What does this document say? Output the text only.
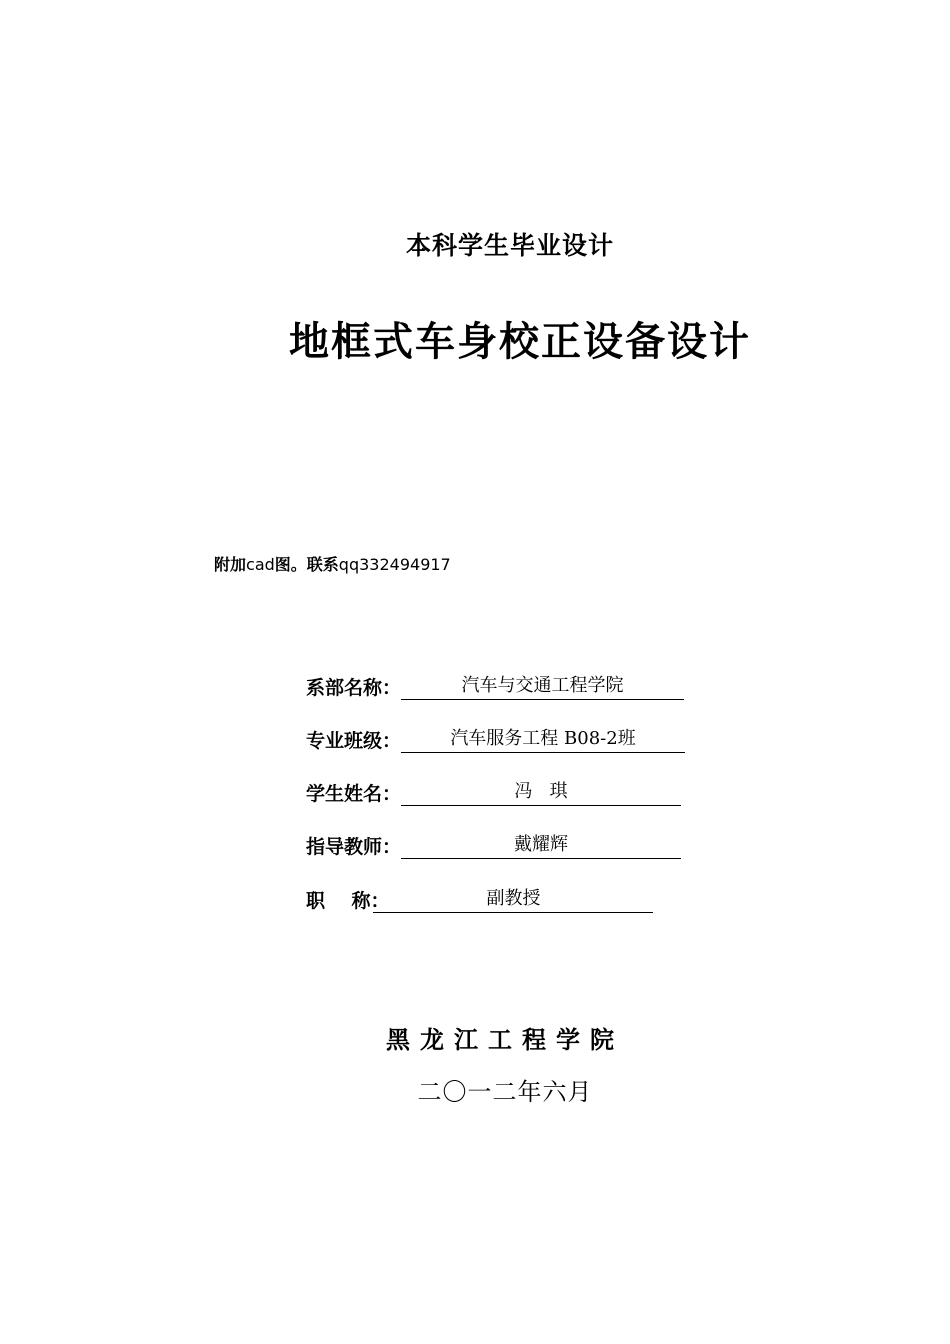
本科学生毕业设计
地框式车身校正设备设计
附加cad图。联系qq332494917
系部名称：	汽车与交通工程学院
专业班级：	汽车服务工程 B08-2班
学生姓名：	冯   琪
指导教师：	戴耀辉
职    称：	副教授
黑龙江工程学院
二〇一二年六月
